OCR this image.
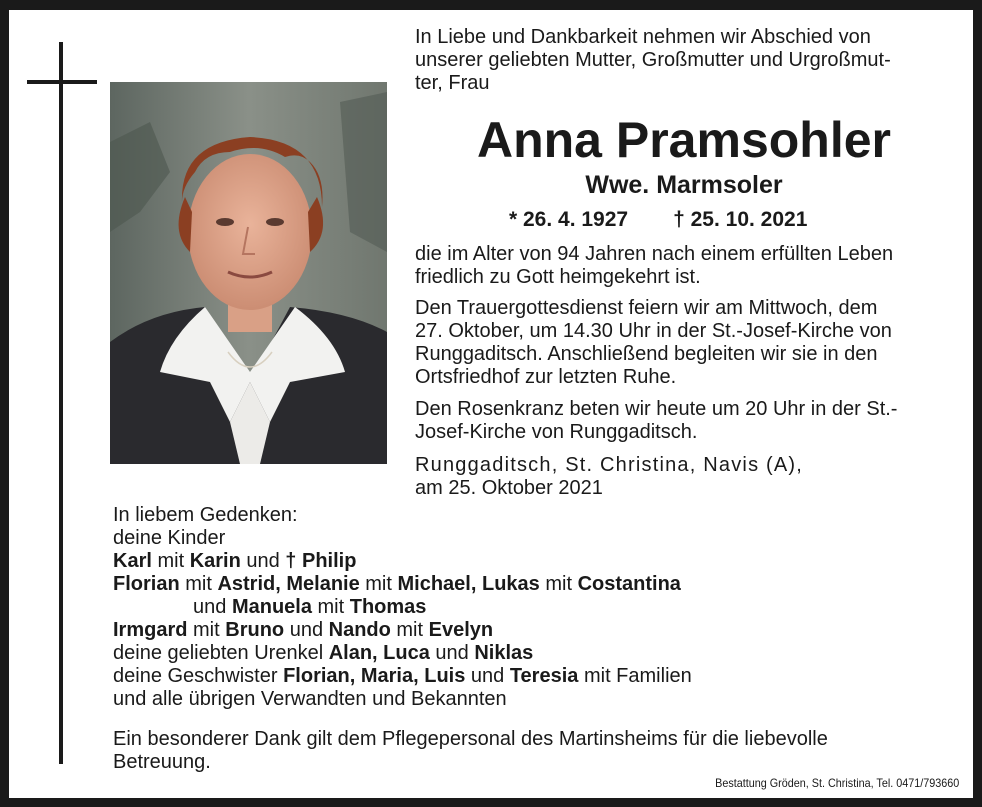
In Liebe und Dankbarkeit nehmen wir Abschied von
unserer geliebten Mutter, Großmutter und Urgroßmut-
ter, Frau
Anna Pramsohler
Wwe. Marmsoler
* 26. 4. 1927 † 25. 10. 2021
die im Alter von 94 Jahren nach einem erfüllten Leben
friedlich zu Gott heimgekehrt ist.
Den Trauergottesdienst feiern wir am Mittwoch, dem
27. Oktober, um 14.30 Uhr in der St.-Josef-Kirche von
Runggaditsch. Anschließend begleiten wir sie in den
Ortsfriedhof zur letzten Ruhe.
Den Rosenkranz beten wir heute um 20 Uhr in der St.-
Josef-Kirche von Runggaditsch.
Runggaditsch, St. Christina, Navis (A),
am 25. Oktober 2021
In liebem Gedenken:
deine Kinder
Karl mit Karin und † Philip
Florian mit Astrid, Melanie mit Michael, Lukas mit Costantina
und Manuela mit Thomas
Irmgard mit Bruno und Nando mit Evelyn
deine geliebten Urenkel Alan, Luca und Niklas
deine Geschwister Florian, Maria, Luis und Teresia mit Familien
und alle übrigen Verwandten und Bekannten
Ein besonderer Dank gilt dem Pflegepersonal des Martinsheims für die liebevolle
Betreuung.
Bestattung Gröden, St. Christina, Tel. 0471/793660
